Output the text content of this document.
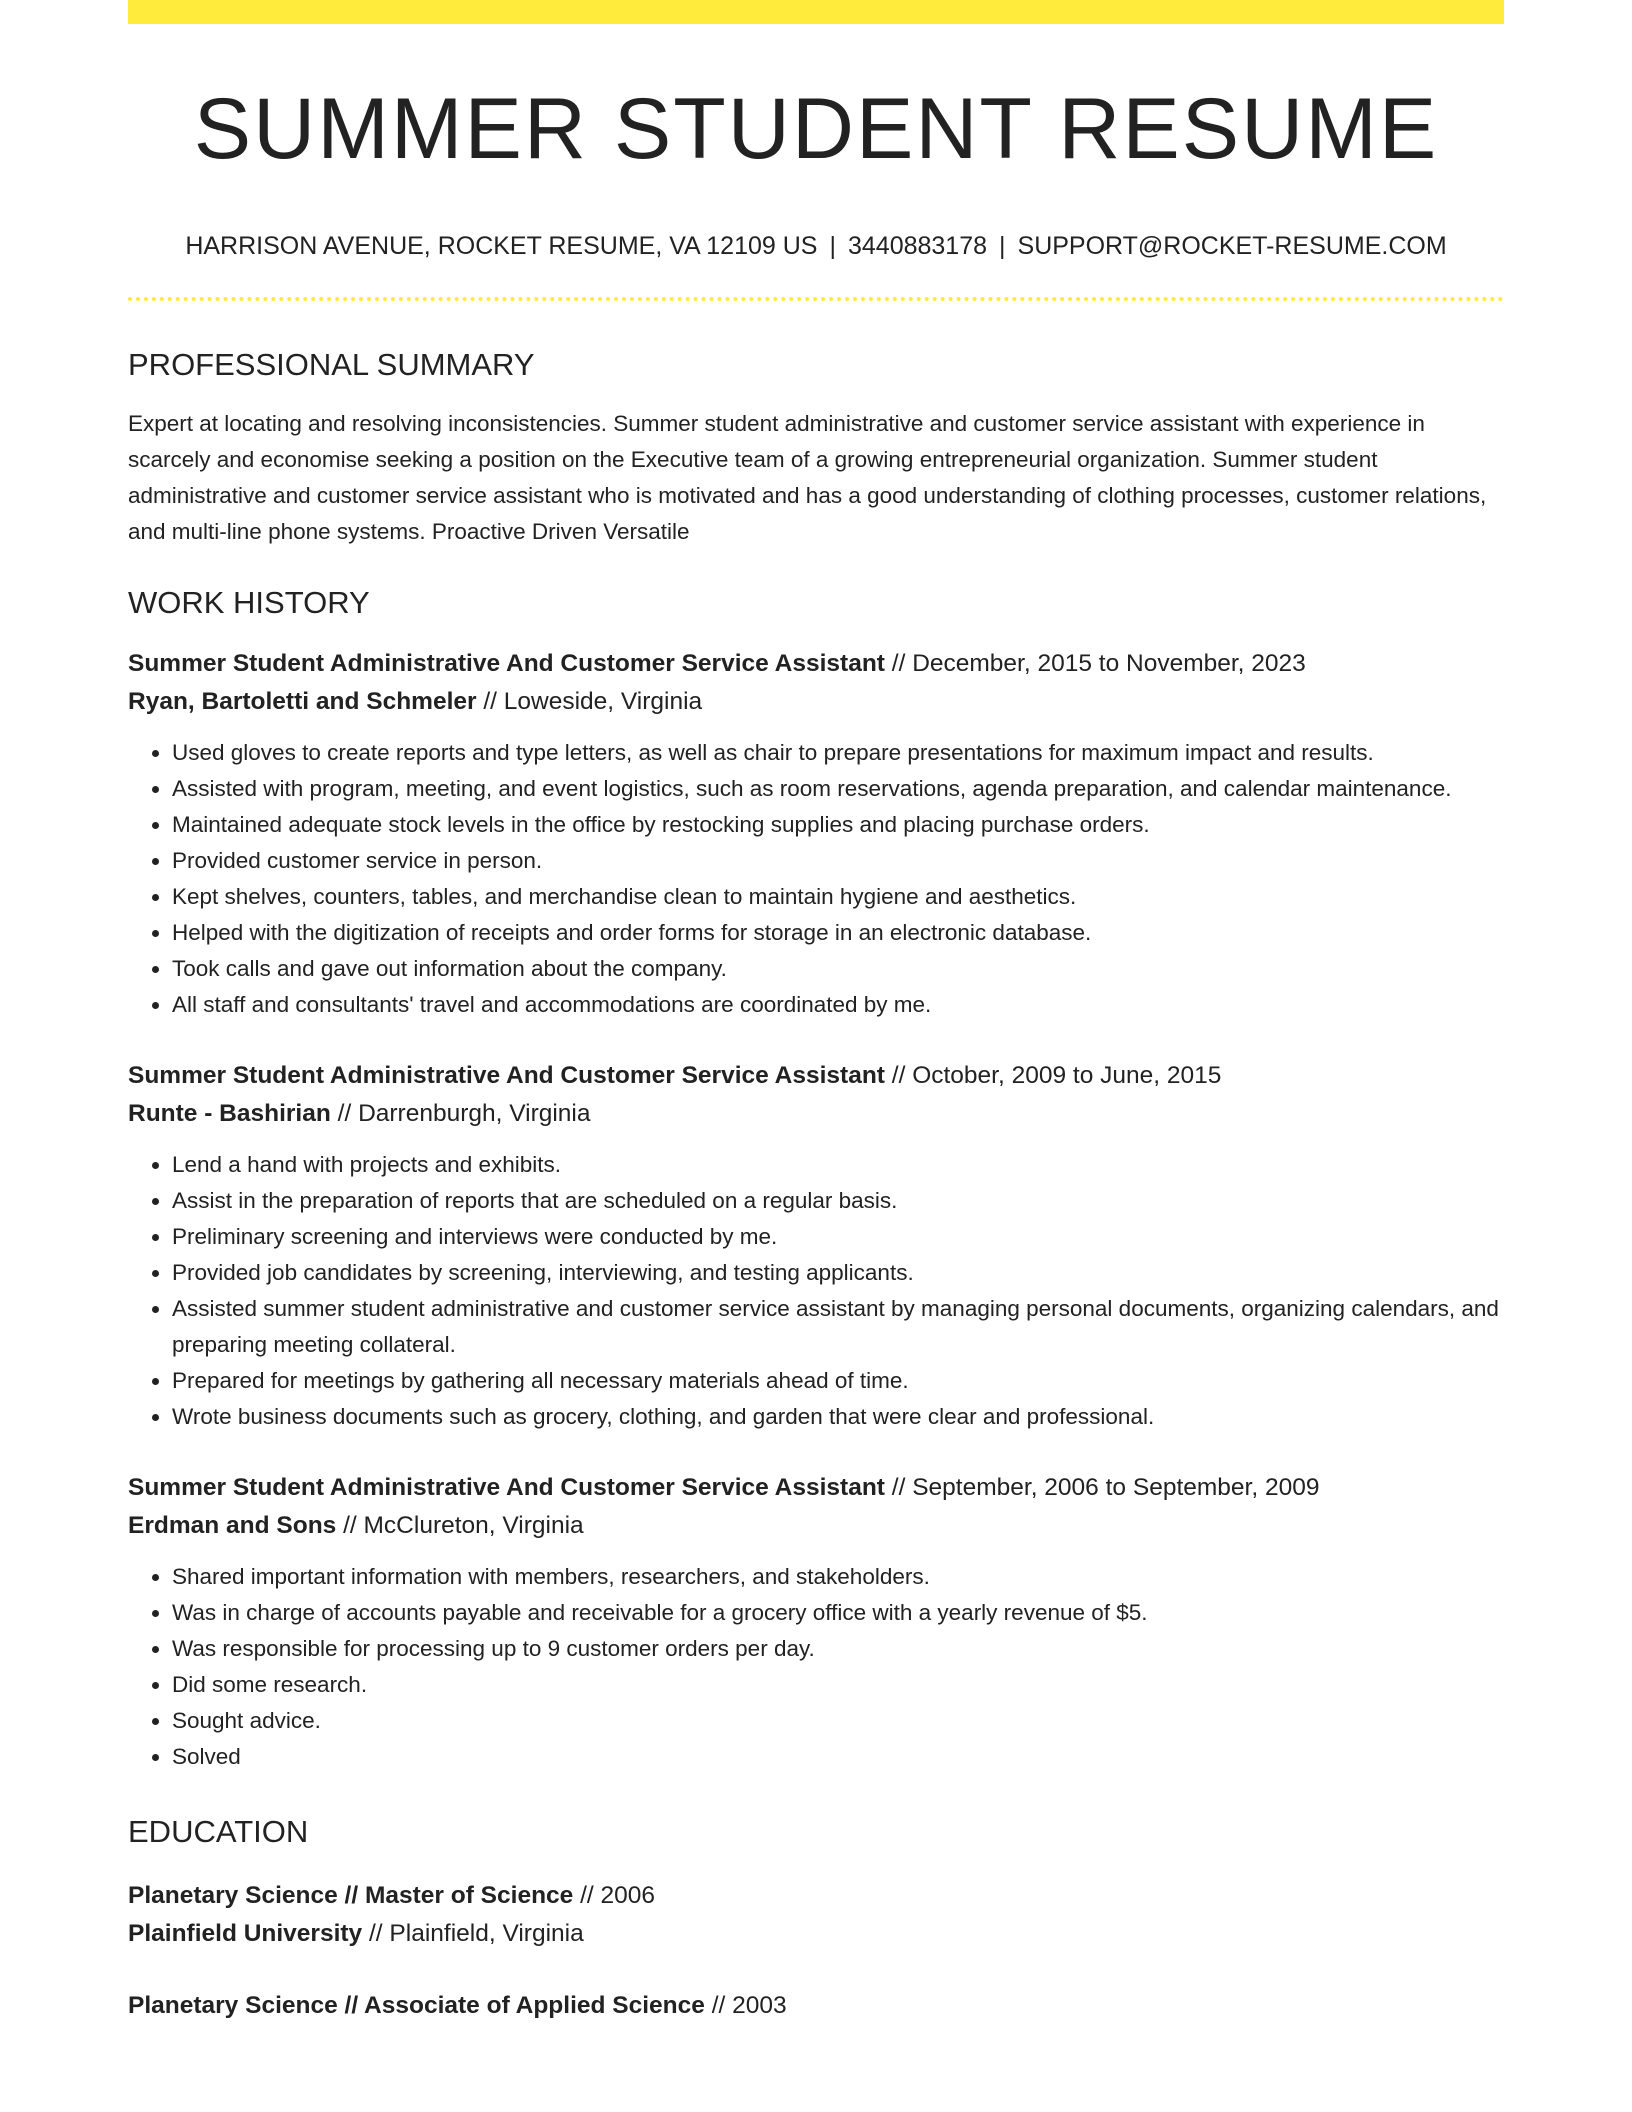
SUMMER STUDENT RESUME
HARRISON AVENUE, ROCKET RESUME, VA 12109 US | 3440883178 | SUPPORT@ROCKET-RESUME.COM
PROFESSIONAL SUMMARY

Expert at locating and resolving inconsistencies. Summer student administrative and customer service assistant with experience in scarcely and economise seeking a position on the Executive team of a growing entrepreneurial organization. Summer student administrative and customer service assistant who is motivated and has a good understanding of clothing processes, customer relations, and multi-line phone systems. Proactive Driven Versatile

WORK HISTORY
Summer Student Administrative And Customer Service Assistant // December, 2015 to November, 2023
Ryan, Bartoletti and Schmeler // Loweside, Virginia
• Used gloves to create reports and type letters, as well as chair to prepare presentations for maximum impact and results.
• Assisted with program, meeting, and event logistics, such as room reservations, agenda preparation, and calendar maintenance.
• Maintained adequate stock levels in the office by restocking supplies and placing purchase orders.
• Provided customer service in person.
• Kept shelves, counters, tables, and merchandise clean to maintain hygiene and aesthetics.
• Helped with the digitization of receipts and order forms for storage in an electronic database.
• Took calls and gave out information about the company.
• All staff and consultants' travel and accommodations are coordinated by me.
Summer Student Administrative And Customer Service Assistant // October, 2009 to June, 2015
Runte - Bashirian // Darrenburgh, Virginia
• Lend a hand with projects and exhibits.
• Assist in the preparation of reports that are scheduled on a regular basis.
• Preliminary screening and interviews were conducted by me.
• Provided job candidates by screening, interviewing, and testing applicants.
• Assisted summer student administrative and customer service assistant by managing personal documents, organizing calendars, and preparing meeting collateral.
• Prepared for meetings by gathering all necessary materials ahead of time.
• Wrote business documents such as grocery, clothing, and garden that were clear and professional.
Summer Student Administrative And Customer Service Assistant // September, 2006 to September, 2009
Erdman and Sons // McClureton, Virginia
• Shared important information with members, researchers, and stakeholders.
• Was in charge of accounts payable and receivable for a grocery office with a yearly revenue of $5.
• Was responsible for processing up to 9 customer orders per day.
• Did some research.
• Sought advice.
• Solved
EDUCATION
Planetary Science // Master of Science // 2006
Plainfield University // Plainfield, Virginia
Planetary Science // Associate of Applied Science // 2003
